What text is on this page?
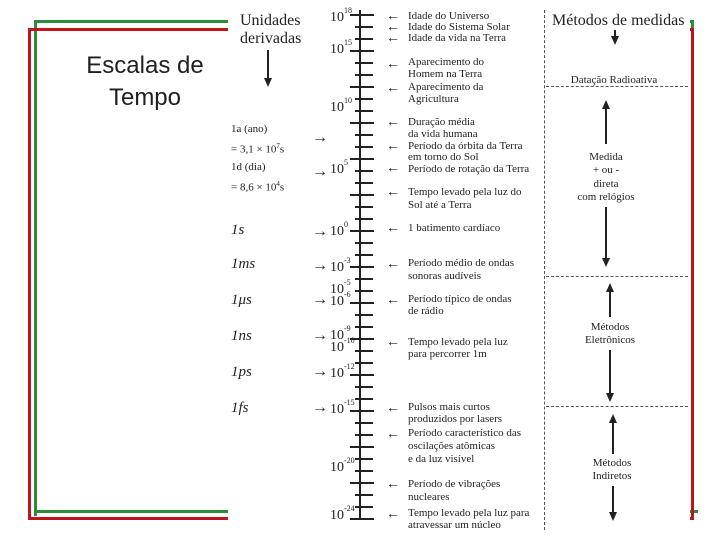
Escalas de
Tempo
Unidades
derivadas
Métodos de medidas
$10^{18}$
$10^{15}$
$10^{10}$
$10^5$
$10^0$
$10^{-3}$
$10^{-5}$
$10^{-6}$
$10^{-9}$
$10^{-10}$
$10^{-12}$
$10^{-15}$
$10^{-20}$
$10^{-24}$
1a (ano)
= $3,1 \times 10^7s$
→
1d (dia)
= $8,6 \times 10^4s$
→
1s	→
1ms	→
1μs	→
1ns	→
1ps	→
1fs	→
←
←
←
←
←
←
←
←
←
←
←
←
←
←
←
←
←
Idade do Universo
Idade do Sistema Solar
Idade da vida na Terra
Aparecimento do
Homem na Terra
Aparecimento da
Agricultura
Duração média
da vida humana
Período da órbita da Terra
em torno do Sol
Período de rotação da Terra
Tempo levado pela luz do
Sol até a Terra
1 batimento cardíaco
Período médio de ondas
sonoras audíveis
Período típico de ondas
de rádio
Tempo levado pela luz
para percorrer 1m
Pulsos mais curtos
produzidos por lasers
Período característico das
oscilações atômicas
e da luz visível
Período de vibrações
nucleares
Tempo levado pela luz para
atravessar um núcleo
Datação Radioativa
Medida
+ ou -
direta
com relógios
Métodos
Eletrônicos
Métodos
Indiretos
